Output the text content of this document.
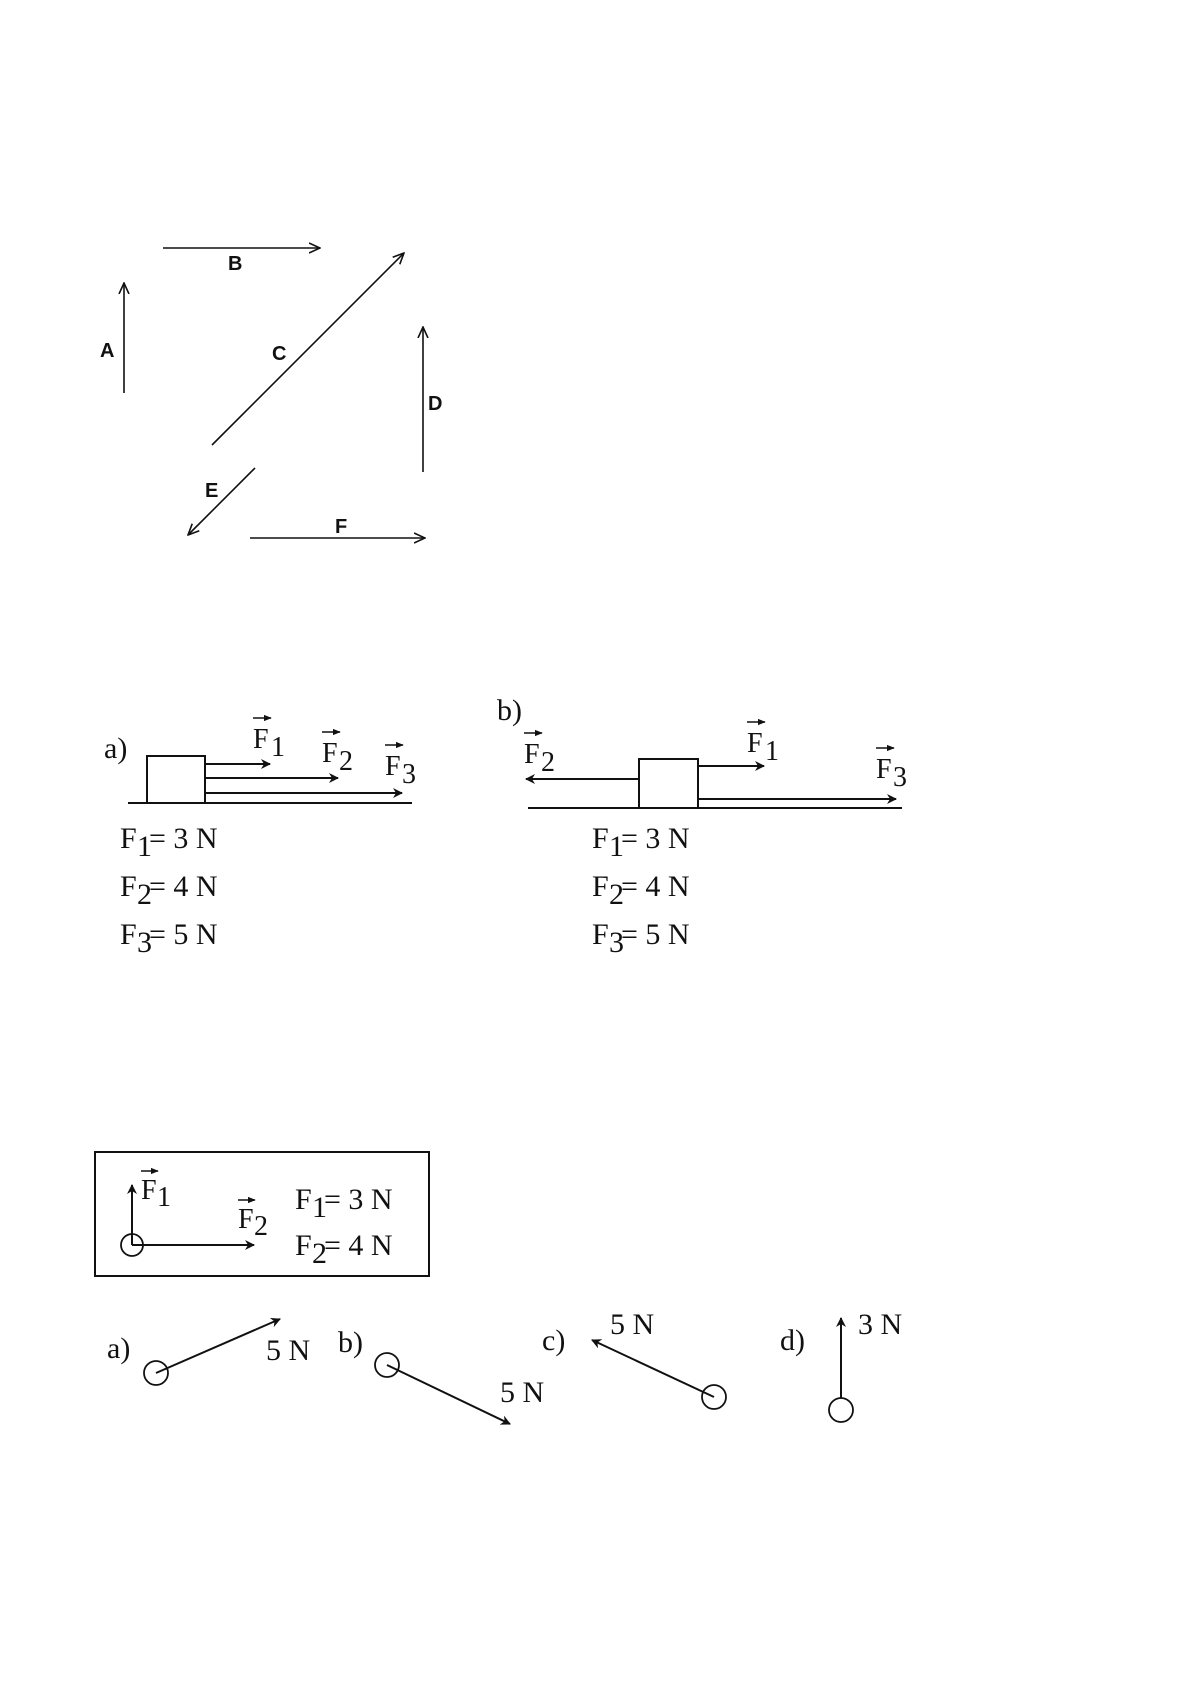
A
B
C
D
E
F
a)	F 1 F 2 F 3
F 1
= 3 N
F 2
= 4 N
F 3
= 5 N
b)
F 2
F 1
F 3
F 1
= 3 N
F 2
= 4 N
F 3
= 5 N
F 1
F 2
F 1
= 3 N
F 2
= 4 N
a)	5 N b)
5 N
c) 5 N	d) 3 N
